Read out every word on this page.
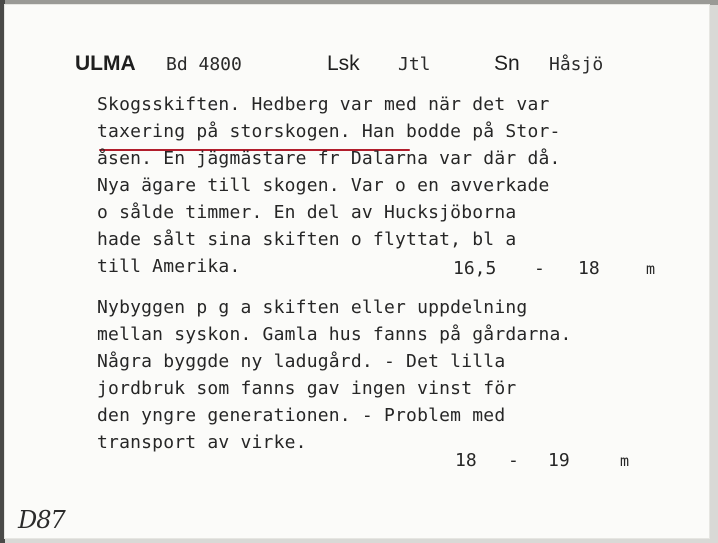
ULMA Bd 4800	Lsk Jtl	Sn Håsjö
Skogsskiften. Hedberg var med när det var
taxering på storskogen. Han bodde på Stor-
åsen. En jägmästare fr Dalarna var där då.
Nya ägare till skogen. Var o en avverkade
o sålde timmer. En del av Hucksjöborna
hade sålt sina skiften o flyttat, bl a
till Amerika.	16,5 - 18	m
Nybyggen p g a skiften eller uppdelning
mellan syskon. Gamla hus fanns på gårdarna.
Några byggde ny ladugård. - Det lilla
jordbruk som fanns gav ingen vinst för
den yngre generationen. - Problem med
transport av virke.
18 - 19	m
D87
